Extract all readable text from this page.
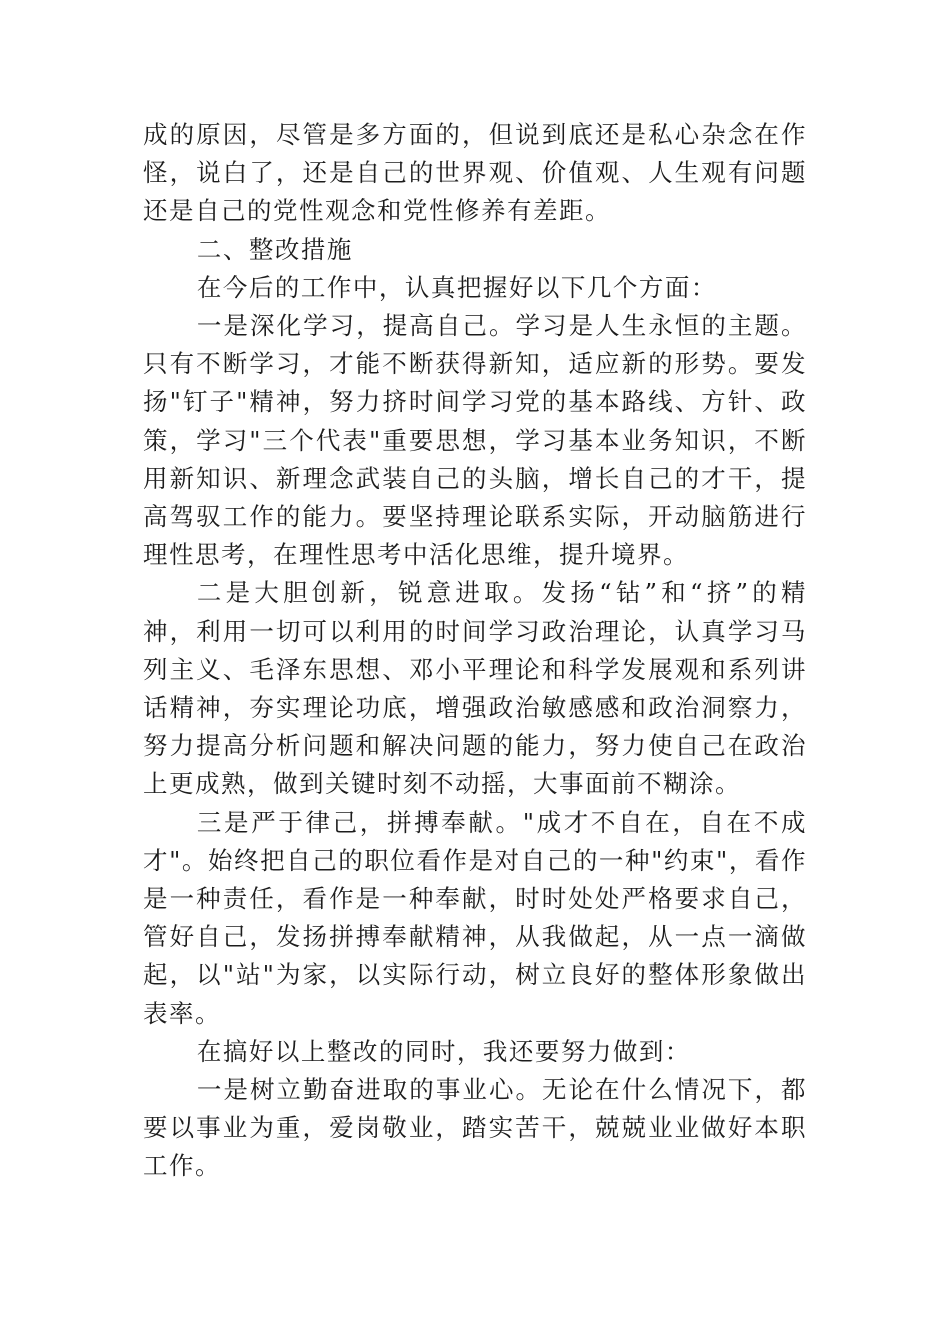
成的原因，尽管是多方面的，但说到底还是私心杂念在作
怪，说白了，还是自己的世界观、价值观、人生观有问题
还是自己的党性观念和党性修养有差距。
二、整改措施
在今后的工作中，认真把握好以下几个方面：
一是深化学习，提高自己。学习是人生永恒的主题。
只有不断学习，才能不断获得新知，适应新的形势。要发
扬"钉子"精神，努力挤时间学习党的基本路线、方针、政
策，学习"三个代表"重要思想，学习基本业务知识，不断
用新知识、新理念武装自己的头脑，增长自己的才干，提
高驾驭工作的能力。要坚持理论联系实际，开动脑筋进行
理性思考，在理性思考中活化思维，提升境界。
二是大胆创新，锐意进取。发扬“钻”和“挤”的精
神，利用一切可以利用的时间学习政治理论，认真学习马
列主义、毛泽东思想、邓小平理论和科学发展观和系列讲
话精神，夯实理论功底，增强政治敏感感和政治洞察力，
努力提高分析问题和解决问题的能力，努力使自己在政治
上更成熟，做到关键时刻不动摇，大事面前不糊涂。
三是严于律己，拼搏奉献。"成才不自在，自在不成
才"。始终把自己的职位看作是对自己的一种"约束"，看作
是一种责任，看作是一种奉献，时时处处严格要求自己，
管好自己，发扬拼搏奉献精神，从我做起，从一点一滴做
起，以"站"为家，以实际行动，树立良好的整体形象做出
表率。
在搞好以上整改的同时，我还要努力做到：
一是树立勤奋进取的事业心。无论在什么情况下，都
要以事业为重，爱岗敬业，踏实苦干，兢兢业业做好本职
工作。
